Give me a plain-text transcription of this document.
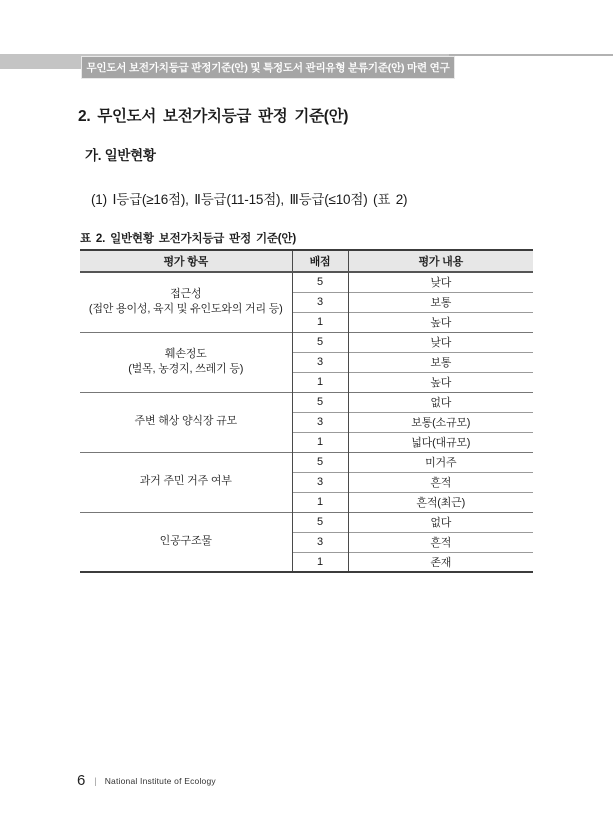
무인도서 보전가치등급 판정기준(안) 및 특정도서 관리유형 분류기준(안) 마련 연구
2. 무인도서 보전가치등급 판정 기준(안)
가. 일반현황
(1) Ⅰ등급(≥16점), Ⅱ등급(11-15점), Ⅲ등급(≤10점) (표 2)
표 2. 일반현황 보전가치등급 판정 기준(안)
평가 항목	배점	평가 내용

접근성
(접안 용이성, 육지 및 유인도와의 거리 등)	5	낮다
	3	보통
	1	높다

훼손정도
(벌목, 농경지, 쓰레기 등)	5	낮다
	3	보통
	1	높다

주변 해상 양식장 규모	5	없다
	3	보통(소규모)
	1	넓다(대규모)

과거 주민 거주 여부	5	미거주
	3	흔적
	1	흔적(최근)

인공구조물	5	없다
	3	흔적
	1	존재
6 | National Institute of Ecology
